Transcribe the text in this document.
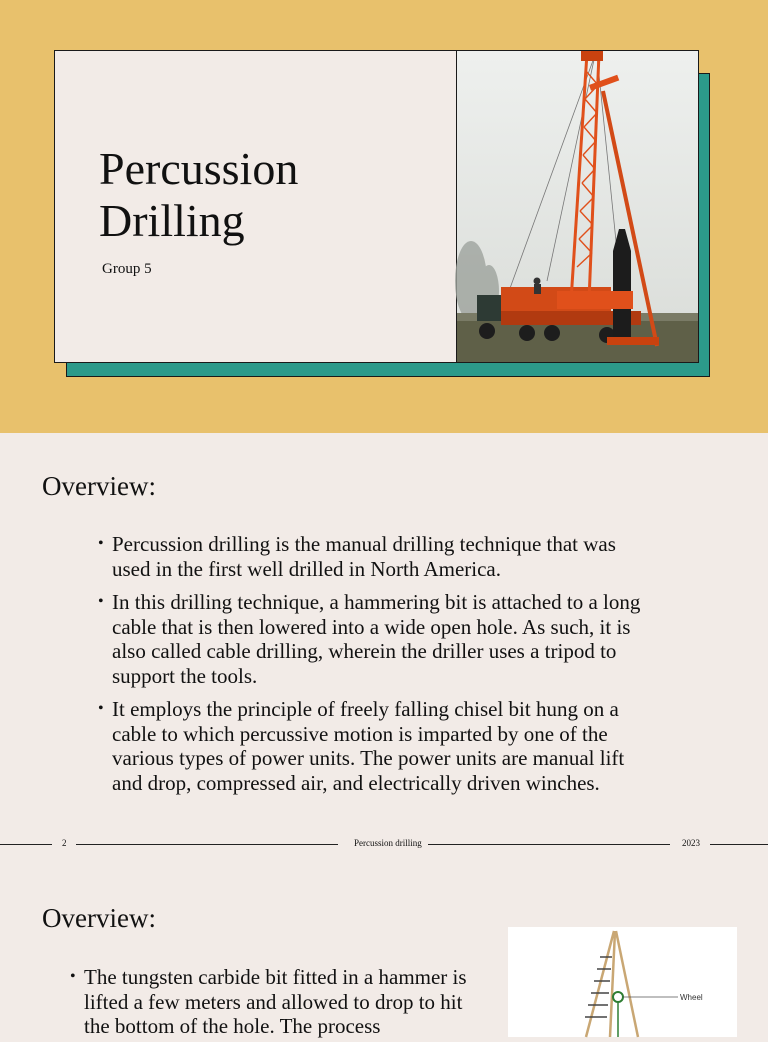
Percussion Drilling

Group 5

Overview:
• Percussion drilling is the manual drilling technique that was used in the first well drilled in North America.
• In this drilling technique, a hammering bit is attached to a long cable that is then lowered into a wide open hole. As such, it is also called cable drilling, wherein the driller uses a tripod to support the tools.
• It employs the principle of freely falling chisel bit hung on a cable to which percussive motion is imparted by one of the various types of power units. The power units are manual lift and drop, compressed air, and electrically driven winches.
2	Percussion drilling	2023
Overview:
• The tungsten carbide bit fitted in a hammer is lifted a few meters and allowed to drop to hit the bottom of the hole. The process
Wheel
